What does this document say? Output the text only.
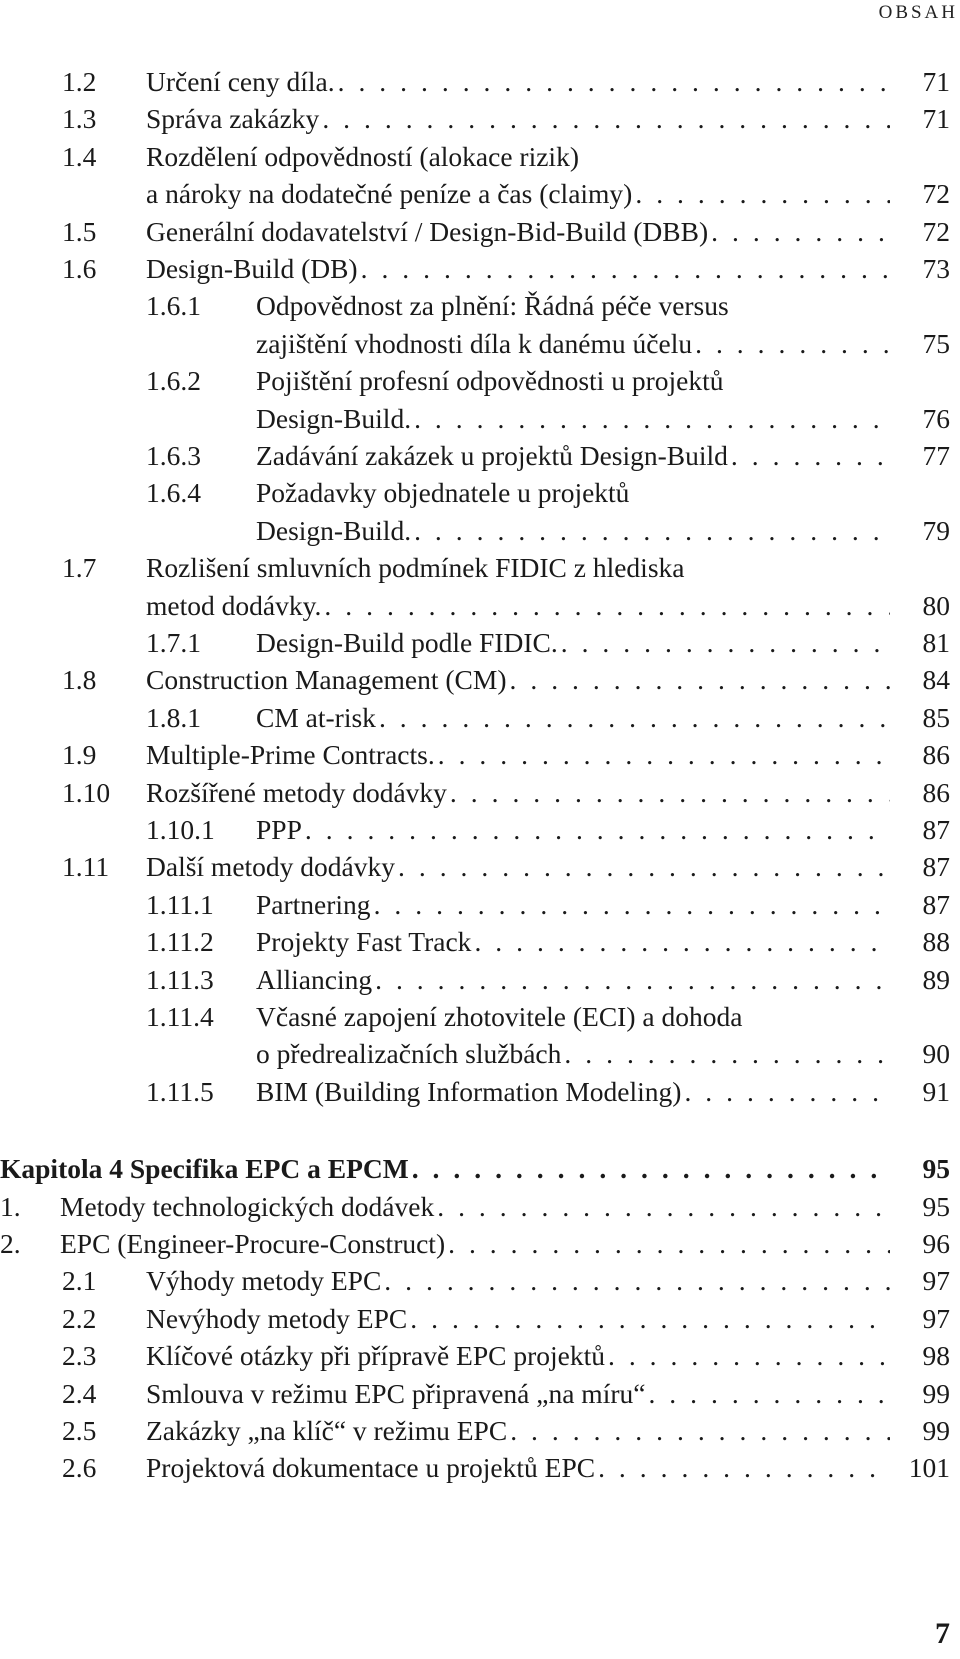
OBSAH
1.2 Určení ceny díla. . . .	71
1.3 Správa zakázky . . .	71
1.4 Rozdělení odpovědností (alokace rizik)
a nároky na dodatečné peníze a čas (claimy) . . .	72
1.5 Generální dodavatelství / Design-Bid-Build (DBB) . . .	72
1.6 Design-Build (DB) . . .	73
1.6.1 Odpovědnost za plnění: Řádná péče versus
zajištění vhodnosti díla k danému účelu . . .	75
1.6.2 Pojištění profesní odpovědnosti u projektů
Design-Build. . . .	76
1.6.3 Zadávání zakázek u projektů Design-Build . . .	77
1.6.4 Požadavky objednatele u projektů
Design-Build. . . .	79
1.7 Rozlišení smluvních podmínek FIDIC z hlediska
metod dodávky. . . .	80
1.7.1 Design-Build podle FIDIC. . . .	81
1.8 Construction Management (CM) . . .	84
1.8.1 CM at-risk . . .	85
1.9 Multiple-Prime Contracts. . . .	86
1.10 Rozšířené metody dodávky . . .	86
1.10.1 PPP . . .	87
1.11 Další metody dodávky . . .	87
1.11.1 Partnering . . .	87
1.11.2 Projekty Fast Track . . .	88
1.11.3 Alliancing . . .	89
1.11.4 Včasné zapojení zhotovitele (ECI) a dohoda
o předrealizačních službách . . .	90
1.11.5 BIM (Building Information Modeling) . . .	91
Kapitola 4 Specifika EPC a EPCM . . .	95
1. Metody technologických dodávek . . .	95
2. EPC (Engineer-Procure-Construct) . . .	96
2.1 Výhody metody EPC . . .	97
2.2 Nevýhody metody EPC . . .	97
2.3 Klíčové otázky při přípravě EPC projektů . . .	98
2.4 Smlouva v režimu EPC připravená „na míru“ . . .	99
2.5 Zakázky „na klíč“ v režimu EPC . . .	99
2.6 Projektová dokumentace u projektů EPC . . .	101
7
